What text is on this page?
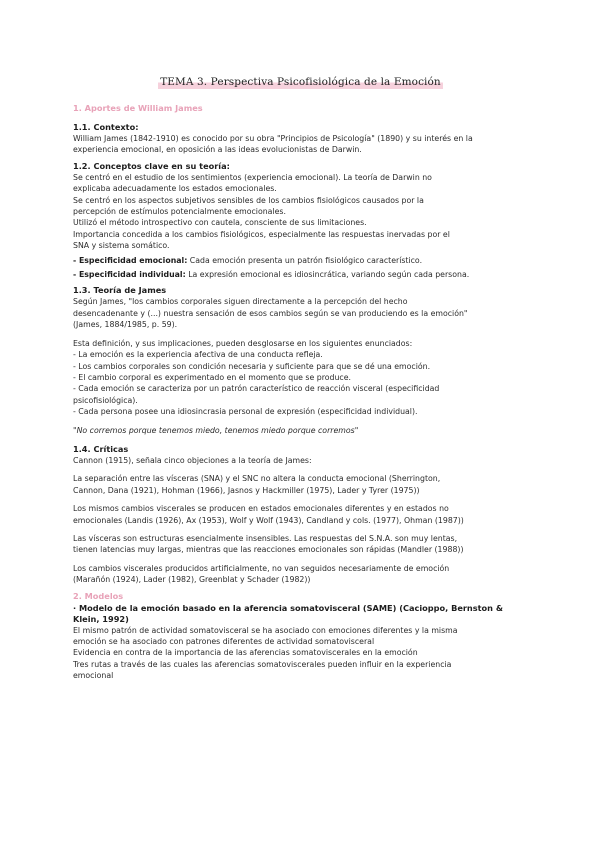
TEMA 3. Perspectiva Psicofisiológica de la Emoción
1. Aportes de William James
1.1. Contexto:

William James (1842-1910) es conocido por su obra "Principios de Psicología" (1890) y su interés en la

experiencia emocional, en oposición a las ideas evolucionistas de Darwin.

1.2. Conceptos clave en su teoría:

Se centró en el estudio de los sentimientos (experiencia emocional). La teoría de Darwin no

explicaba adecuadamente los estados emocionales.

Se centró en los aspectos subjetivos sensibles de los cambios fisiológicos causados por la

percepción de estímulos potencialmente emocionales.

Utilizó el método introspectivo con cautela, consciente de sus limitaciones.

Importancia concedida a los cambios fisiológicos, especialmente las respuestas inervadas por el

SNA y sistema somático.

- Especificidad emocional: Cada emoción presenta un patrón fisiológico característico.

- Especificidad individual: La expresión emocional es idiosincrática, variando según cada persona.

1.3. Teoría de James

Según James, "los cambios corporales siguen directamente a la percepción del hecho

desencadenante y (...) nuestra sensación de esos cambios según se van produciendo es la emoción"

(James, 1884/1985, p. 59).

Esta definición, y sus implicaciones, pueden desglosarse en los siguientes enunciados:

- La emoción es la experiencia afectiva de una conducta refleja.

- Los cambios corporales son condición necesaria y suficiente para que se dé una emoción.

- El cambio corporal es experimentado en el momento que se produce.

- Cada emoción se caracteriza por un patrón característico de reacción visceral (especificidad

psicofisiológica).

- Cada persona posee una idiosincrasia personal de expresión (especificidad individual).

"No corremos porque tenemos miedo, tenemos miedo porque corremos"

1.4. Críticas

Cannon (1915), señala cinco objeciones a la teoría de James:

La separación entre las vísceras (SNA) y el SNC no altera la conducta emocional (Sherrington,

Cannon, Dana (1921), Hohman (1966), Jasnos y Hackmiller (1975), Lader y Tyrer (1975))

Los mismos cambios viscerales se producen en estados emocionales diferentes y en estados no

emocionales (Landis (1926), Ax (1953), Wolf y Wolf (1943), Candland y cols. (1977), Ohman (1987))

Las vísceras son estructuras esencialmente insensibles. Las respuestas del S.N.A. son muy lentas,

tienen latencias muy largas, mientras que las reacciones emocionales son rápidas (Mandler (1988))

Los cambios viscerales producidos artificialmente, no van seguidos necesariamente de emoción

(Marañón (1924), Lader (1982), Greenblat y Schader (1982))

2. Modelos
· Modelo de la emoción basado en la aferencia somatovisceral (SAME) (Cacioppo, Bernston &
Klein, 1992)

El mismo patrón de actividad somatovisceral se ha asociado con emociones diferentes y la misma

emoción se ha asociado con patrones diferentes de actividad somatovisceral

Evidencia en contra de la importancia de las aferencias somatoviscerales en la emoción

Tres rutas a través de las cuales las aferencias somatoviscerales pueden influir en la experiencia

emocional
